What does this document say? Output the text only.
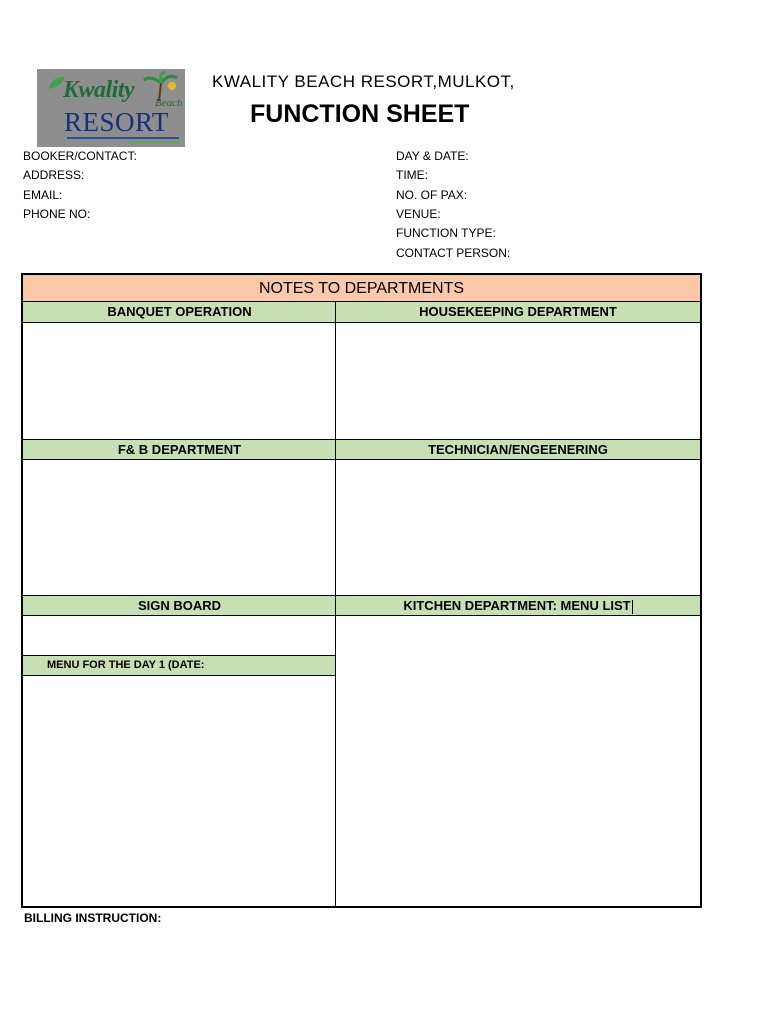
Kwality Beach
RESORT
KWALITY BEACH RESORT,MULKOT,
FUNCTION SHEET
BOOKER/CONTACT:
ADDRESS:
EMAIL:
PHONE NO:
DAY & DATE:
TIME:
NO. OF PAX:
VENUE:
FUNCTION TYPE:
CONTACT PERSON:
NOTES TO DEPARTMENTS
BANQUET OPERATION	HOUSEKEEPING DEPARTMENT
F& B DEPARTMENT	TECHNICIAN/ENGEENERING
SIGN BOARD	KITCHEN DEPARTMENT: MENU LIST
MENU FOR THE DAY 1 (DATE:
BILLING INSTRUCTION:
